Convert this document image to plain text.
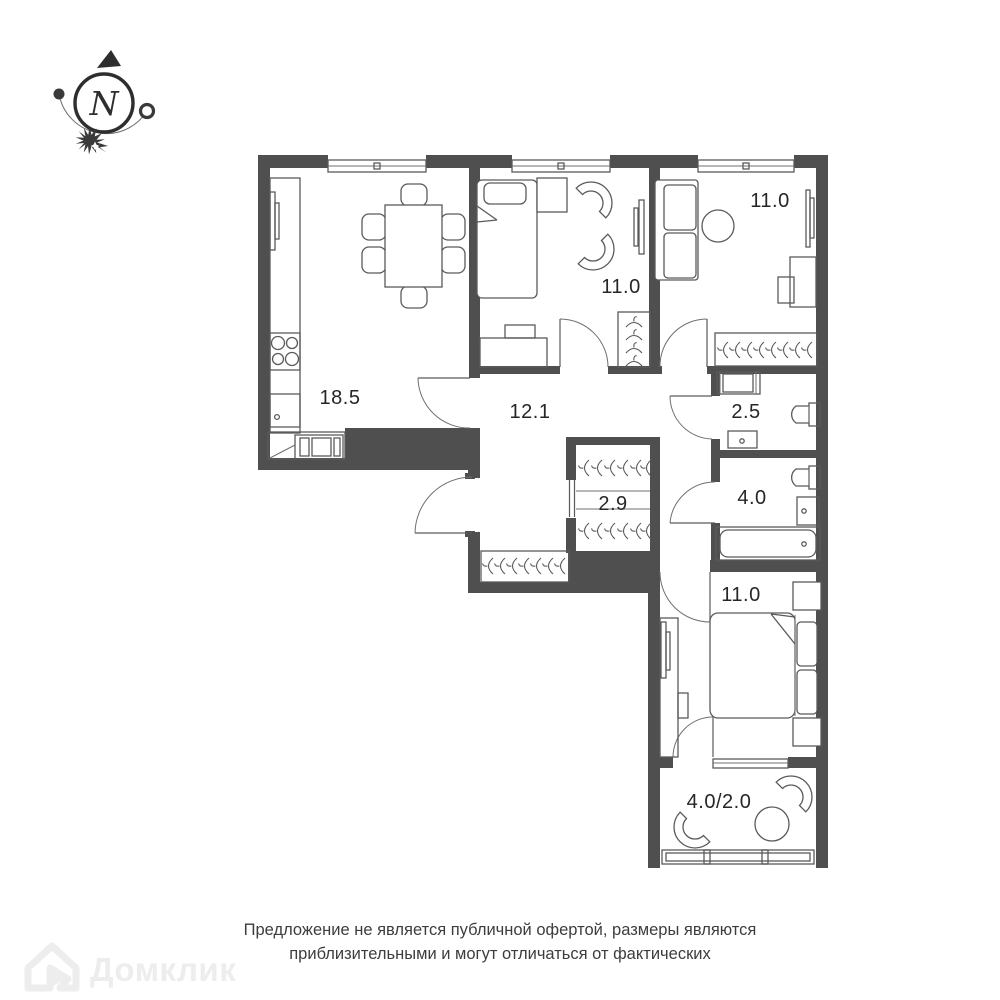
N
18.5
12.1
11.0
11.0
2.5
2.9	4.0
11.0
4.0/2.0
Домклик
Предложение не является публичной офертой, размеры являются
приблизительными и могут отличаться от фактических
